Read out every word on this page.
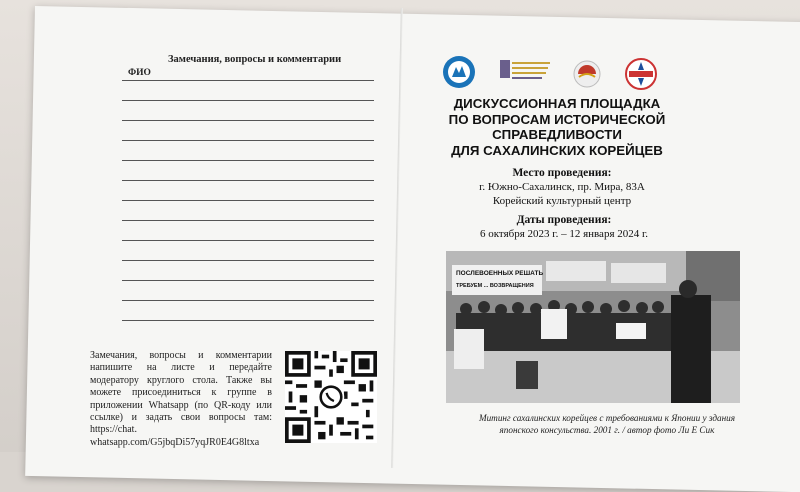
Замечания, вопросы и комментарии
ФИО

Замечания, вопросы и комментарии напишите на листе и передайте модератору круглого стола. Также вы можете присоединиться к группе в приложении Whatsapp (по QR-коду или ссылке) и задать свои вопросы там: https://chat. whatsapp.com/G5jbqDi57yqJR0E4G8ltxa

ДИСКУССИОННАЯ ПЛОЩАДКА
ПО ВОПРОСАМ ИСТОРИЧЕСКОЙ
СПРАВЕДЛИВОСТИ
ДЛЯ САХАЛИНСКИХ КОРЕЙЦЕВ
Место проведения:
г. Южно-Сахалинск, пр. Мира, 83А
Корейский культурный центр
Даты проведения:
6 октября 2023 г. – 12 января 2024 г.
ПОСЛЕВОЕННЫХ РЕШАТЬ
ТРЕБУЕМ ... ВОЗВРАЩЕНИЯ
Митинг сахалинских корейцев с требованиями к Японии у здания японского консульства. 2001 г. / автор фото Ли Е Сик
